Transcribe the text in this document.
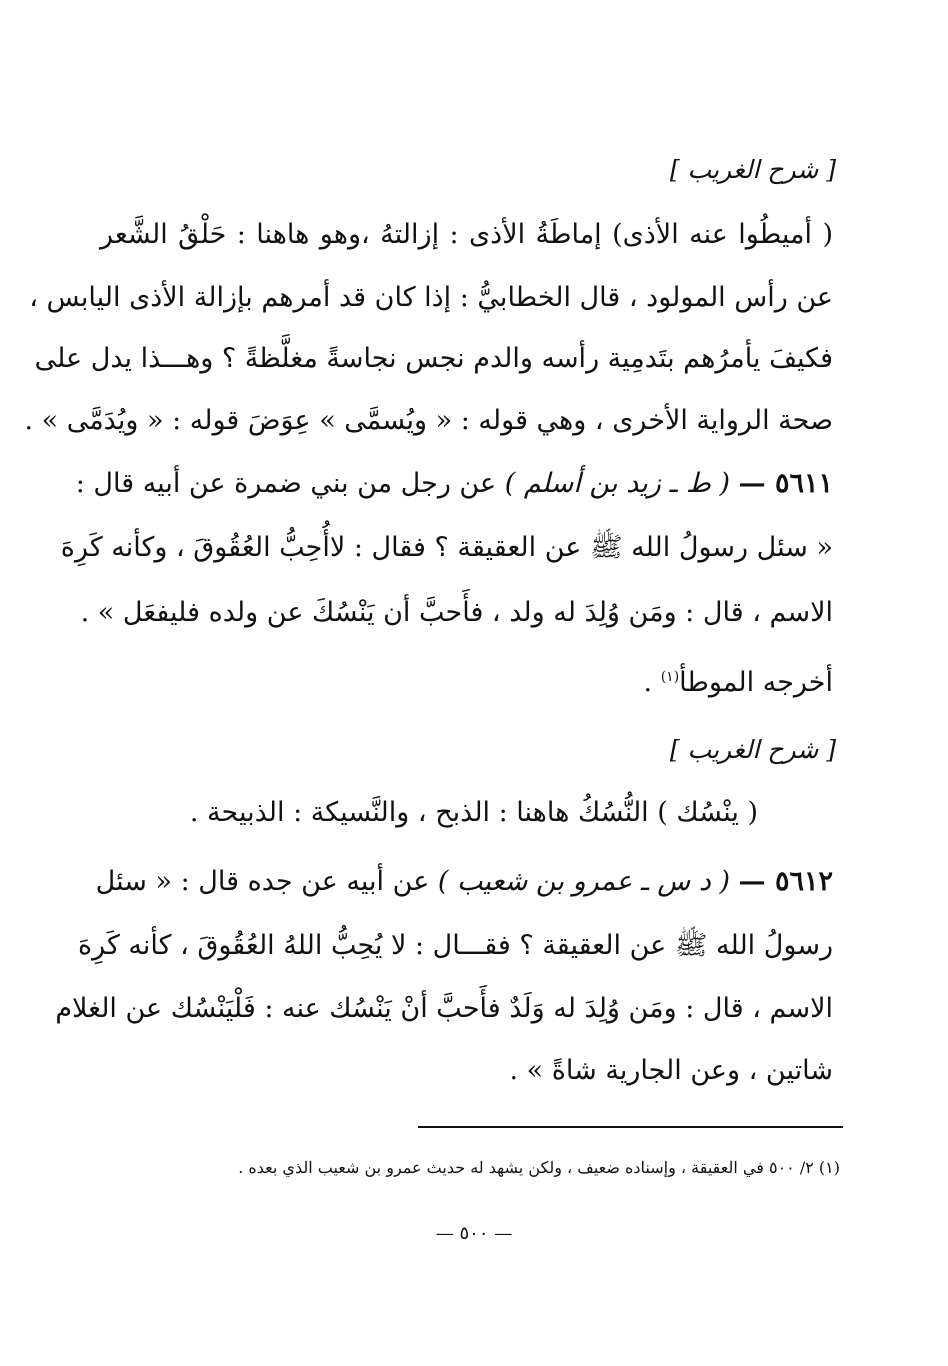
[ شرح الغريب ]
( أميطُوا عنه الأذى) إماطَةُ الأذى : إزالتهُ ،وهو هاهنا : حَلْقُ الشَّعر
عن رأس المولود ، قال الخطابيُّ : إذا كان قد أمرهم بإزالة الأذى اليابس ،
فكيفَ يأمرُهم بتَدمِية رأسه والدم نجس نجاسةً مغلَّظةً ؟ وهـــذا يدل على
صحة الرواية الأخرى ، وهي قوله : « ويُسمَّى » عِوَضَ قوله : « ويُدَمَّى » .
٥٦١١ — ( ط ـ زيد بن أسلم ) عن رجل من بني ضمرة عن أبيه قال :
« سئل رسولُ الله ﷺ عن العقيقة ؟ فقال : لاأُحِبُّ العُقُوقَ ، وكأنه كَرِهَ
الاسم ، قال : ومَن وُلِدَ له ولد ، فأَحبَّ أن يَنْسُكَ عن ولده فليفعَل » .
أخرجه الموطأ$^{(١)}$ .
[ شرح الغريب ]
( ينْسُك ) النُّسُكُ هاهنا : الذبح ، والنَّسيكة : الذبيحة .
٥٦١٢ — ( د س ـ عمرو بن شعيب ) عن أبيه عن جده قال : « سئل
رسولُ الله ﷺ عن العقيقة ؟ فقـــال : لا يُحِبُّ اللهُ العُقُوقَ ، كأنه كَرِهَ
الاسم ، قال : ومَن وُلِدَ له وَلَدٌ فأَحبَّ أنْ يَنْسُك عنه : فَلْيَنْسُك عن الغلام
شاتين ، وعن الجارية شاةً » .
(١) ٢/ ٥٠٠ في العقيقة ، وإسناده ضعيف ، ولكن يشهد له حديث عمرو بن شعيب الذي بعده .
— ٥٠٠ —
